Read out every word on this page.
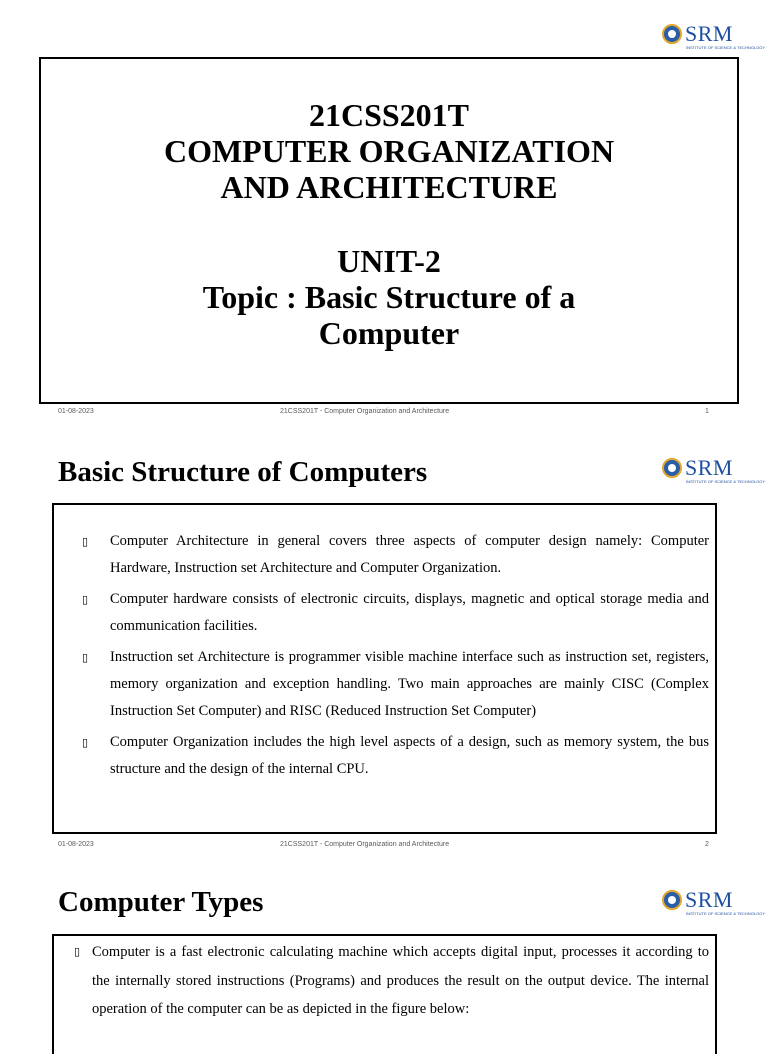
SRM
INSTITUTE OF SCIENCE & TECHNOLOGY
21CSS201T
COMPUTER ORGANIZATION
AND ARCHITECTURE
UNIT-2
Topic : Basic Structure of a
Computer
01-08-2023	21CSS201T - Computer Organization and Architecture	1
Basic Structure of Computers	SRM
INSTITUTE OF SCIENCE & TECHNOLOGY
▯ Computer Architecture in general covers three aspects of computer design namely: Computer Hardware, Instruction set Architecture and Computer Organization.
▯ Computer hardware consists of electronic circuits, displays, magnetic and optical storage media and communication facilities.
▯ Instruction set Architecture is programmer visible machine interface such as instruction set, registers, memory organization and exception handling. Two main approaches are mainly CISC (Complex Instruction Set Computer) and RISC (Reduced Instruction Set Computer)
▯ Computer Organization includes the high level aspects of a design, such as memory system, the bus structure and the design of the internal CPU.
01-08-2023	21CSS201T - Computer Organization and Architecture	2
Computer Types	SRM
INSTITUTE OF SCIENCE & TECHNOLOGY
▯ Computer is a fast electronic calculating machine which accepts digital input, processes it according to the internally stored instructions (Programs) and produces the result on the output device. The internal operation of the computer can be as depicted in the figure below:
